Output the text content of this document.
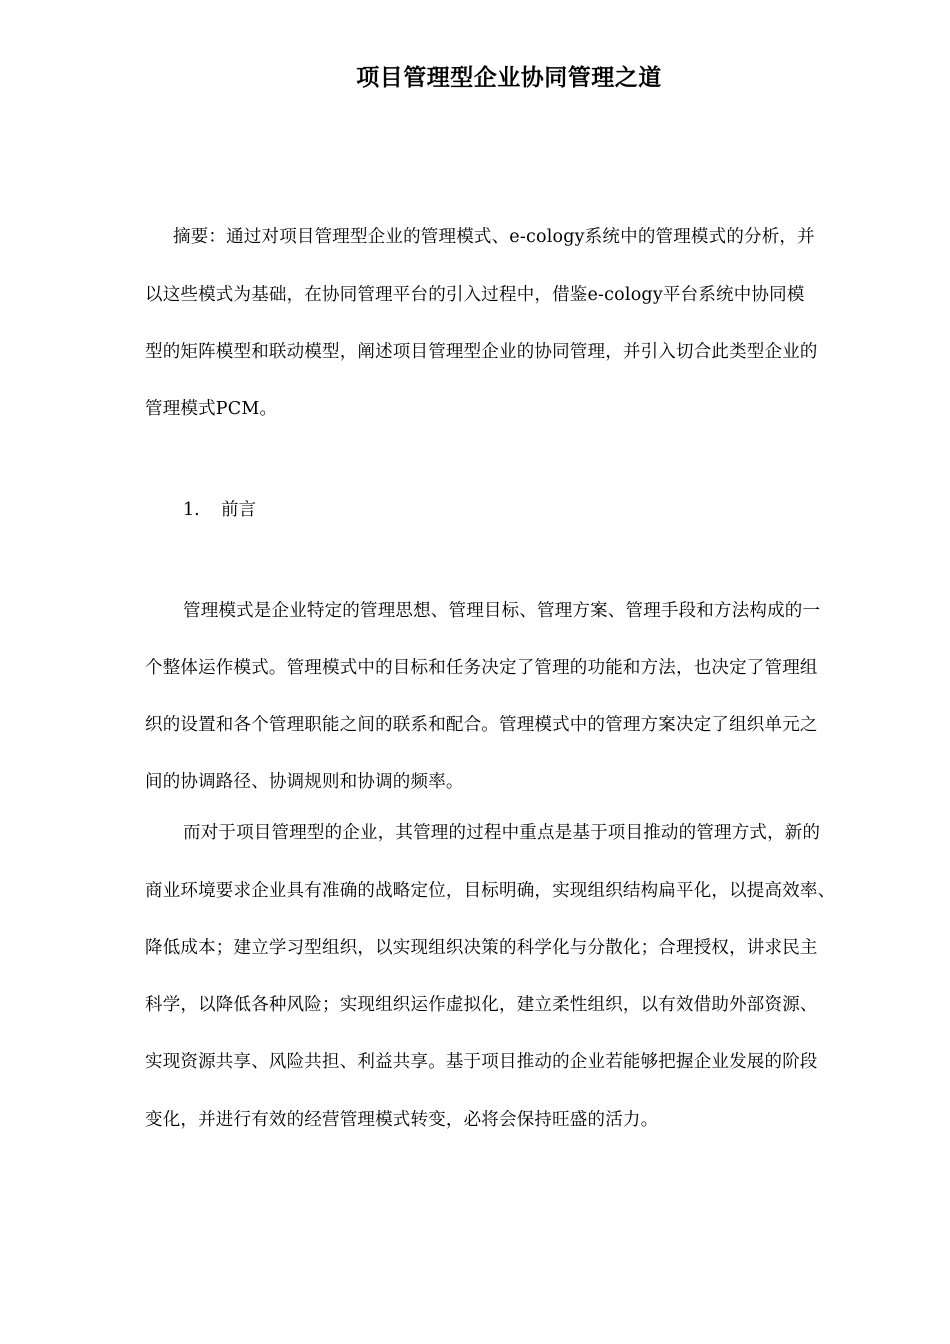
项目管理型企业协同管理之道
摘要：通过对项目管理型企业的管理模式、e-cology系统中的管理模式的分析，并
以这些模式为基础，在协同管理平台的引入过程中，借鉴e-cology平台系统中协同模
型的矩阵模型和联动模型，阐述项目管理型企业的协同管理，并引入切合此类型企业的
管理模式PCM。
1. 前言
管理模式是企业特定的管理思想、管理目标、管理方案、管理手段和方法构成的一
个整体运作模式。管理模式中的目标和任务决定了管理的功能和方法，也决定了管理组
织的设置和各个管理职能之间的联系和配合。管理模式中的管理方案决定了组织单元之
间的协调路径、协调规则和协调的频率。
而对于项目管理型的企业，其管理的过程中重点是基于项目推动的管理方式，新的
商业环境要求企业具有准确的战略定位，目标明确，实现组织结构扁平化，以提高效率、
降低成本；建立学习型组织，以实现组织决策的科学化与分散化；合理授权，讲求民主
科学，以降低各种风险；实现组织运作虚拟化，建立柔性组织，以有效借助外部资源、
实现资源共享、风险共担、利益共享。基于项目推动的企业若能够把握企业发展的阶段
变化，并进行有效的经营管理模式转变，必将会保持旺盛的活力。
